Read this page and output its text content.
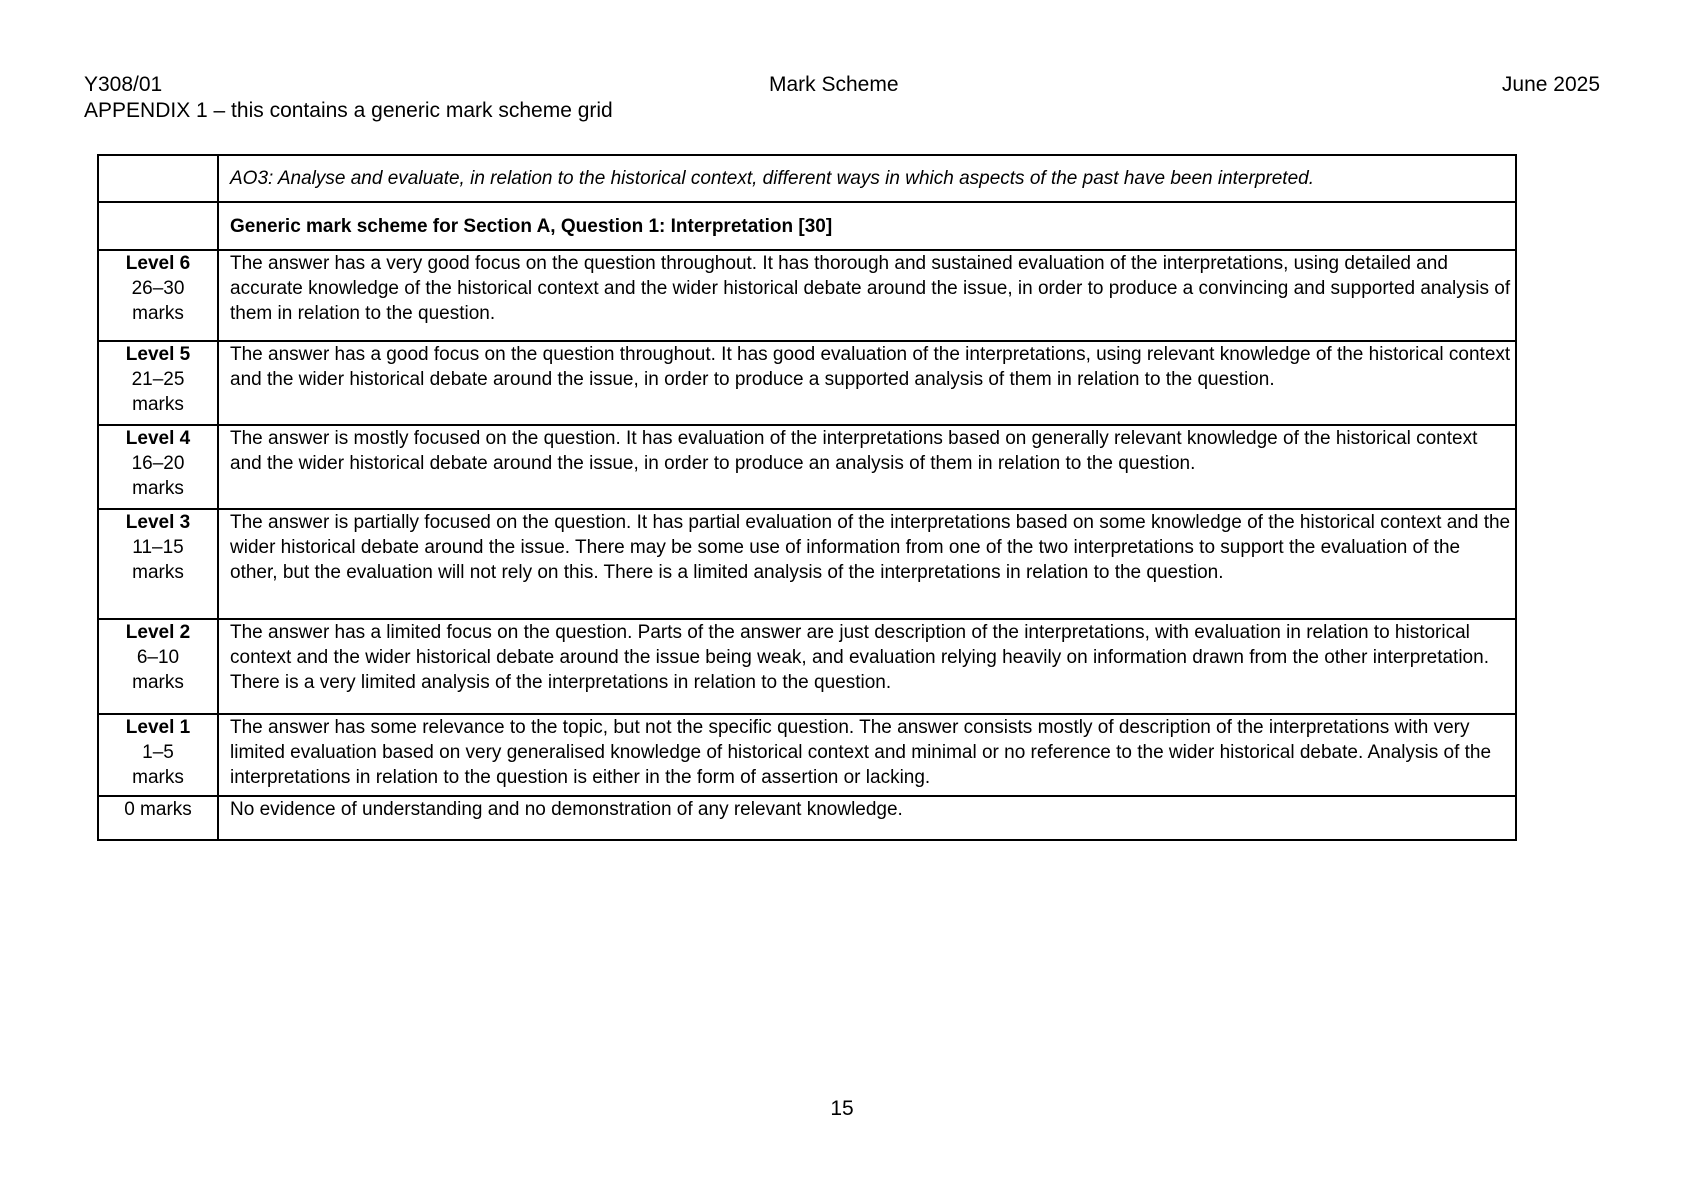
Y308/01	Mark Scheme	June 2025
APPENDIX 1 – this contains a generic mark scheme grid
	AO3: Analyse and evaluate, in relation to the historical context, different ways in which aspects of the past have been interpreted.
	Generic mark scheme for Section A, Question 1: Interpretation [30]

Level 6
26–30
marks
	The answer has a very good focus on the question throughout. It has thorough and sustained evaluation of the interpretations, using detailed and accurate knowledge of the historical context and the wider historical debate around the issue, in order to produce a convincing and supported analysis of them in relation to the question.

Level 5
21–25
marks
	The answer has a good focus on the question throughout. It has good evaluation of the interpretations, using relevant knowledge of the historical context and the wider historical debate around the issue, in order to produce a supported analysis of them in relation to the question.

Level 4
16–20
marks
	The answer is mostly focused on the question. It has evaluation of the interpretations based on generally relevant knowledge of the historical context and the wider historical debate around the issue, in order to produce an analysis of them in relation to the question.

Level 3
11–15
marks
	The answer is partially focused on the question. It has partial evaluation of the interpretations based on some knowledge of the historical context and the wider historical debate around the issue. There may be some use of information from one of the two interpretations to support the evaluation of the other, but the evaluation will not rely on this. There is a limited analysis of the interpretations in relation to the question.

Level 2
6–10
marks
	The answer has a limited focus on the question. Parts of the answer are just description of the interpretations, with evaluation in relation to historical context and the wider historical debate around the issue being weak, and evaluation relying heavily on information drawn from the other interpretation. There is a very limited analysis of the interpretations in relation to the question.

Level 1
1–5
marks
	The answer has some relevance to the topic, but not the specific question. The answer consists mostly of description of the interpretations with very limited evaluation based on very generalised knowledge of historical context and minimal or no reference to the wider historical debate. Analysis of the interpretations in relation to the question is either in the form of assertion or lacking.
0 marks	No evidence of understanding and no demonstration of any relevant knowledge.
15
